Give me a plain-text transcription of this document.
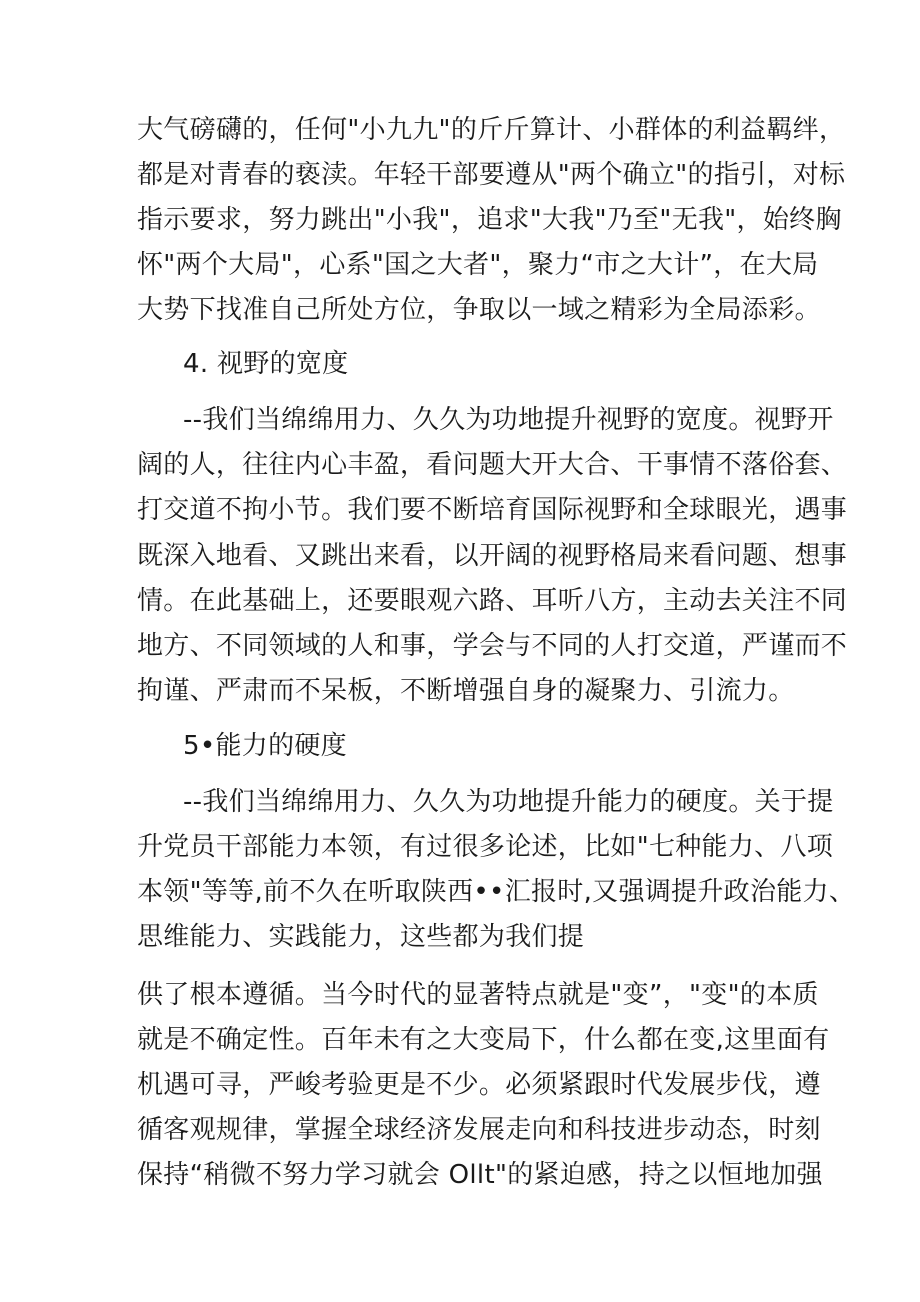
大气磅礴的，任何"小九九"的斤斤算计、小群体的利益羁绊，
都是对青春的亵渎。年轻干部要遵从"两个确立"的指引，对标
指示要求，努力跳出"小我"，追求"大我"乃至"无我"，始终胸
怀"两个大局"，心系"国之大者"，聚力“市之大计”，在大局
大势下找准自己所处方位，争取以一域之精彩为全局添彩。
4. 视野的宽度
--我们当绵绵用力、久久为功地提升视野的宽度。视野开
阔的人，往往内心丰盈，看问题大开大合、干事情不落俗套、
打交道不拘小节。我们要不断培育国际视野和全球眼光，遇事
既深入地看、又跳出来看，以开阔的视野格局来看问题、想事
情。在此基础上，还要眼观六路、耳听八方，主动去关注不同
地方、不同领域的人和事，学会与不同的人打交道，严谨而不
拘谨、严肃而不呆板，不断增强自身的凝聚力、引流力。
5•能力的硬度
--我们当绵绵用力、久久为功地提升能力的硬度。关于提
升党员干部能力本领，有过很多论述，比如"七种能力、八项
本领"等等,前不久在听取陕西••汇报时,又强调提升政治能力、
思维能力、实践能力，这些都为我们提
供了根本遵循。当今时代的显著特点就是"变”，"变"的本质
就是不确定性。百年未有之大变局下，什么都在变,这里面有
机遇可寻，严峻考验更是不少。必须紧跟时代发展步伐，遵
循客观规律，掌握全球经济发展走向和科技进步动态，时刻
保持“稍微不努力学习就会 Ollt"的紧迫感，持之以恒地加强
